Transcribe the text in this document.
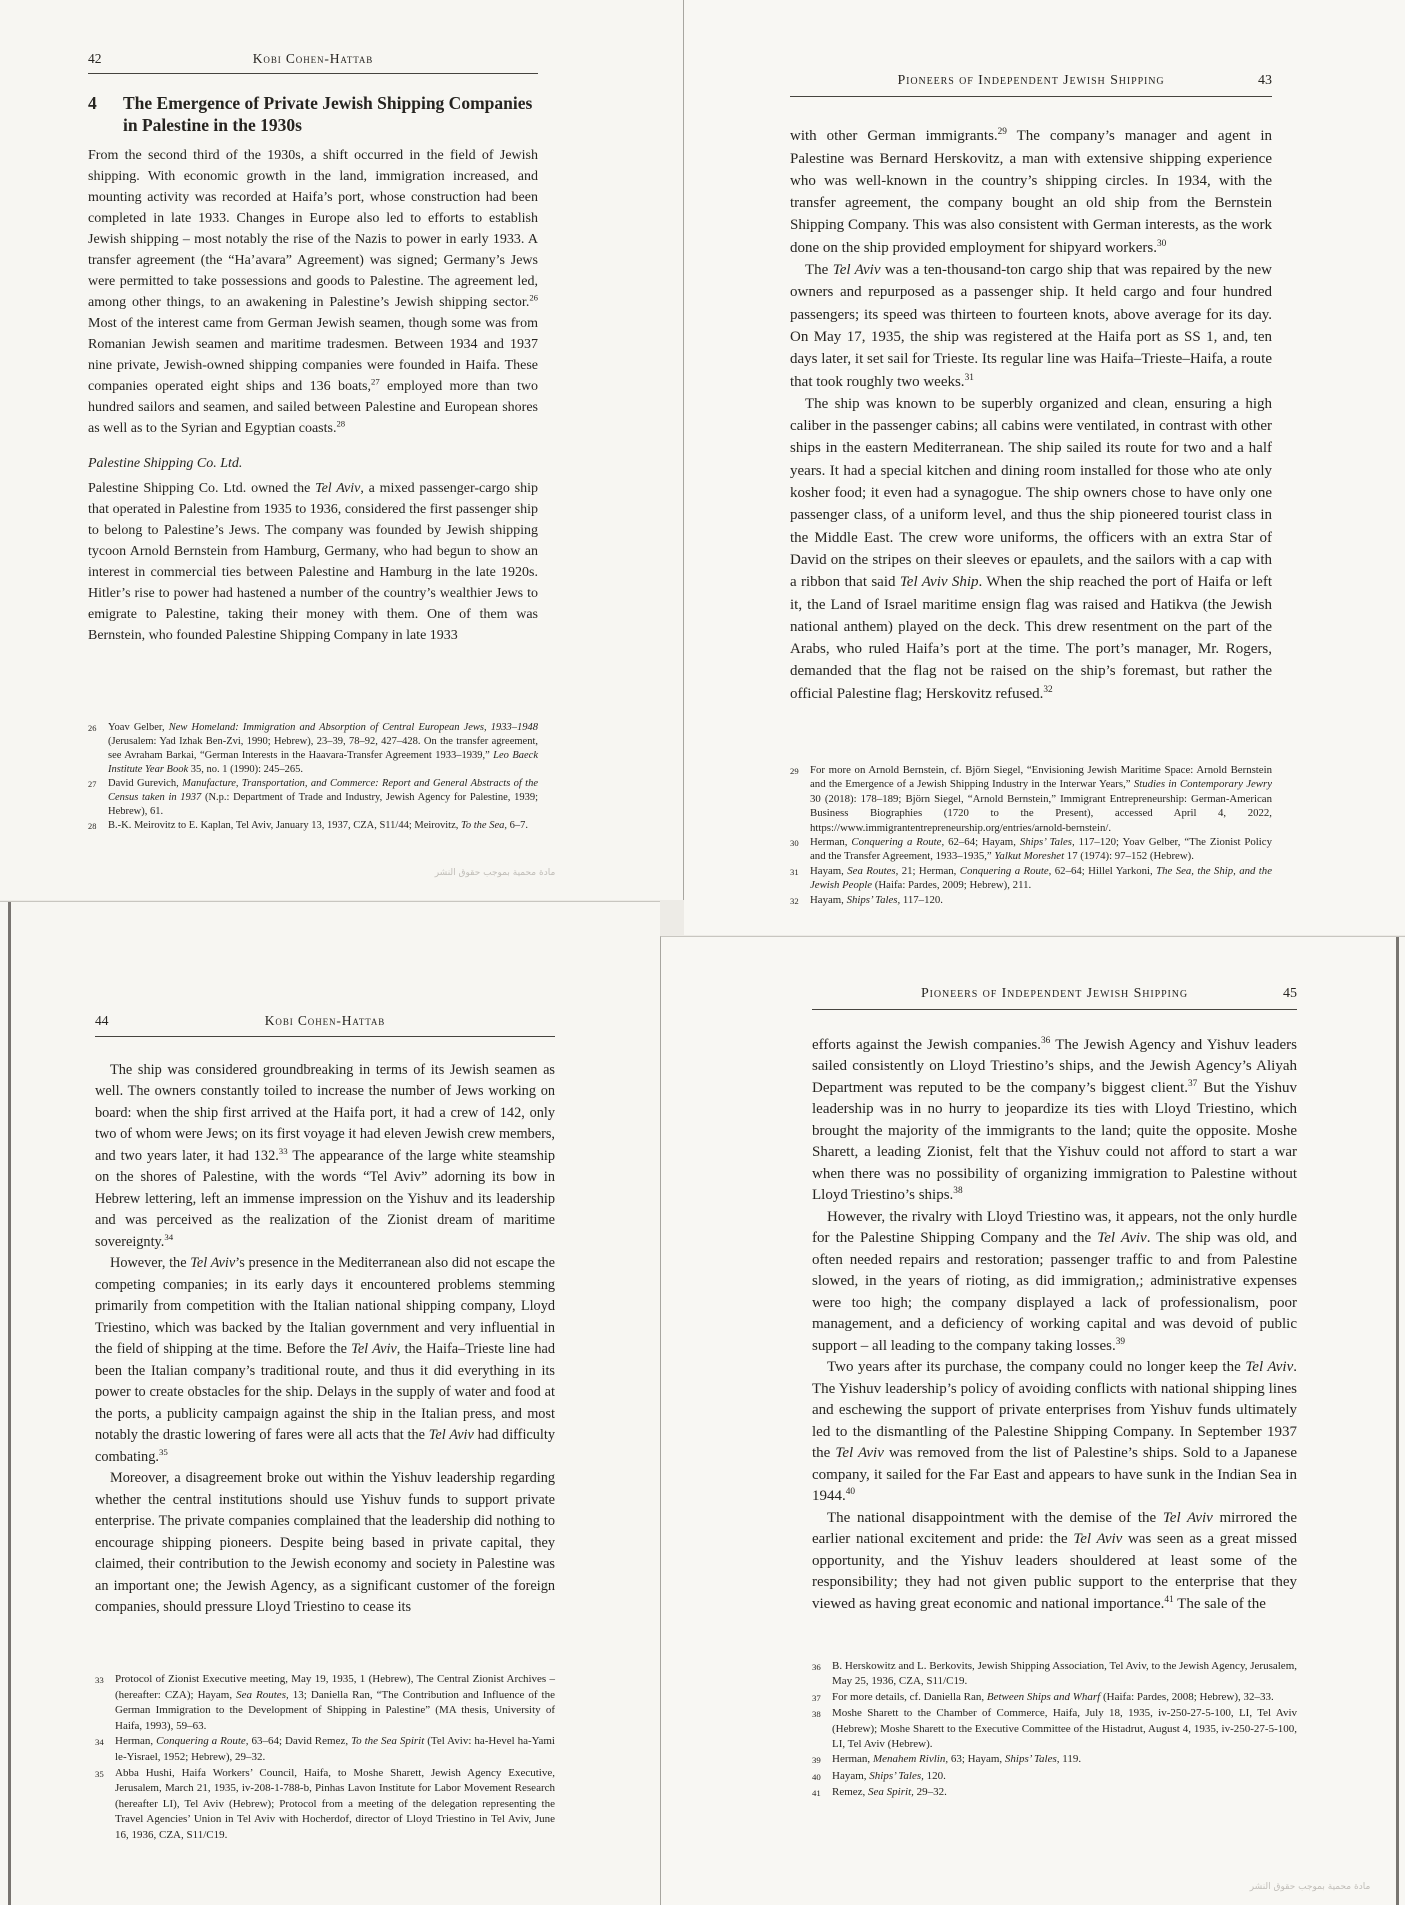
42	Kobi Cohen-Hattab
4	The Emergence of Private Jewish Shipping Companies in Palestine in the 1930s

From the second third of the 1930s, a shift occurred in the field of Jewish shipping. With economic growth in the land, immigration increased, and mounting activity was recorded at Haifa’s port, whose construction had been completed in late 1933. Changes in Europe also led to efforts to establish Jewish shipping – most notably the rise of the Nazis to power in early 1933. A transfer agreement (the “Ha’avara” Agreement) was signed; Germany’s Jews were permitted to take possessions and goods to Palestine. The agreement led, among other things, to an awakening in Palestine’s Jewish shipping sector.$^{26}$ Most of the interest came from German Jewish seamen, though some was from Romanian Jewish seamen and maritime tradesmen. Between 1934 and 1937 nine private, Jewish-owned shipping companies were founded in Haifa. These companies operated eight ships and 136 boats,$^{27}$ employed more than two hundred sailors and seamen, and sailed between Palestine and European shores as well as to the Syrian and Egyptian coasts.$^{28}$

Palestine Shipping Co. Ltd.

Palestine Shipping Co. Ltd. owned the Tel Aviv, a mixed passenger-cargo ship that operated in Palestine from 1935 to 1936, considered the first passenger ship to belong to Palestine’s Jews. The company was founded by Jewish shipping tycoon Arnold Bernstein from Hamburg, Germany, who had begun to show an interest in commercial ties between Palestine and Hamburg in the late 1920s. Hitler’s rise to power had hastened a number of the country’s wealthier Jews to emigrate to Palestine, taking their money with them. One of them was Bernstein, who founded Palestine Shipping Company in late 1933

26	Yoav Gelber, New Homeland: Immigration and Absorption of Central European Jews, 1933–1948 (Jerusalem: Yad Izhak Ben-Zvi, 1990; Hebrew), 23–39, 78–92, 427–428. On the transfer agreement, see Avraham Barkai, “German Interests in the Haavara-Transfer Agreement 1933–1939,” Leo Baeck Institute Year Book 35, no. 1 (1990): 245–265.
27	David Gurevich, Manufacture, Transportation, and Commerce: Report and General Abstracts of the Census taken in 1937 (N.p.: Department of Trade and Industry, Jewish Agency for Palestine, 1939; Hebrew), 61.
28	B.-K. Meirovitz to E. Kaplan, Tel Aviv, January 13, 1937, CZA, S11/44; Meirovitz, To the Sea, 6–7.
Pioneers of Independent Jewish Shipping	43

with other German immigrants.$^{29}$ The company’s manager and agent in Palestine was Bernard Herskovitz, a man with extensive shipping experience who was well-known in the country’s shipping circles. In 1934, with the transfer agreement, the company bought an old ship from the Bernstein Shipping Company. This was also consistent with German interests, as the work done on the ship provided employment for shipyard workers.$^{30}$

The Tel Aviv was a ten-thousand-ton cargo ship that was repaired by the new owners and repurposed as a passenger ship. It held cargo and four hundred passengers; its speed was thirteen to fourteen knots, above average for its day. On May 17, 1935, the ship was registered at the Haifa port as SS 1, and, ten days later, it set sail for Trieste. Its regular line was Haifa–Trieste–Haifa, a route that took roughly two weeks.$^{31}$

The ship was known to be superbly organized and clean, ensuring a high caliber in the passenger cabins; all cabins were ventilated, in contrast with other ships in the eastern Mediterranean. The ship sailed its route for two and a half years. It had a special kitchen and dining room installed for those who ate only kosher food; it even had a synagogue. The ship owners chose to have only one passenger class, of a uniform level, and thus the ship pioneered tourist class in the Middle East. The crew wore uniforms, the officers with an extra Star of David on the stripes on their sleeves or epaulets, and the sailors with a cap with a ribbon that said Tel Aviv Ship. When the ship reached the port of Haifa or left it, the Land of Israel maritime ensign flag was raised and Hatikva (the Jewish national anthem) played on the deck. This drew resentment on the part of the Arabs, who ruled Haifa’s port at the time. The port’s manager, Mr. Rogers, demanded that the flag not be raised on the ship’s foremast, but rather the official Palestine flag; Herskovitz refused.$^{32}$

29	For more on Arnold Bernstein, cf. Björn Siegel, “Envisioning Jewish Maritime Space: Arnold Bernstein and the Emergence of a Jewish Shipping Industry in the Interwar Years,” Studies in Contemporary Jewry 30 (2018): 178–189; Björn Siegel, “Arnold Bernstein,” Immigrant Entrepreneurship: German-American Business Biographies (1720 to the Present), accessed April 4, 2022, https://www.immigrantentrepreneurship.org/entries/arnold-bernstein/.
30	Herman, Conquering a Route, 62–64; Hayam, Ships’ Tales, 117–120; Yoav Gelber, “The Zionist Policy and the Transfer Agreement, 1933–1935,” Yalkut Moreshet 17 (1974): 97–152 (Hebrew).
31	Hayam, Sea Routes, 21; Herman, Conquering a Route, 62–64; Hillel Yarkoni, The Sea, the Ship, and the Jewish People (Haifa: Pardes, 2009; Hebrew), 211.
32	Hayam, Ships’ Tales, 117–120.
44	Kobi Cohen-Hattab

The ship was considered groundbreaking in terms of its Jewish seamen as well. The owners constantly toiled to increase the number of Jews working on board: when the ship first arrived at the Haifa port, it had a crew of 142, only two of whom were Jews; on its first voyage it had eleven Jewish crew members, and two years later, it had 132.33 The appearance of the large white steamship on the shores of Palestine, with the words “Tel Aviv” adorning its bow in Hebrew lettering, left an immense impression on the Yishuv and its leadership and was perceived as the realization of the Zionist dream of maritime sovereignty.$^{34}$

However, the Tel Aviv’s presence in the Mediterranean also did not escape the competing companies; in its early days it encountered problems stemming primarily from competition with the Italian national shipping company, Lloyd Triestino, which was backed by the Italian government and very influential in the field of shipping at the time. Before the Tel Aviv, the Haifa–Trieste line had been the Italian company’s traditional route, and thus it did everything in its power to create obstacles for the ship. Delays in the supply of water and food at the ports, a publicity campaign against the ship in the Italian press, and most notably the drastic lowering of fares were all acts that the Tel Aviv had difficulty combating.$^{35}$

Moreover, a disagreement broke out within the Yishuv leadership regarding whether the central institutions should use Yishuv funds to support private enterprise. The private companies complained that the leadership did nothing to encourage shipping pioneers. Despite being based in private capital, they claimed, their contribution to the Jewish economy and society in Palestine was an important one; the Jewish Agency, as a significant customer of the foreign companies, should pressure Lloyd Triestino to cease its

33	Protocol of Zionist Executive meeting, May 19, 1935, 1 (Hebrew), The Central Zionist Archives – (hereafter: CZA); Hayam, Sea Routes, 13; Daniella Ran, “The Contribution and Influence of the German Immigration to the Development of Shipping in Palestine” (MA thesis, University of Haifa, 1993), 59–63.
34	Herman, Conquering a Route, 63–64; David Remez, To the Sea Spirit (Tel Aviv: ha-Hevel ha-Yami le-Yisrael, 1952; Hebrew), 29–32.
35	Abba Hushi, Haifa Workers’ Council, Haifa, to Moshe Sharett, Jewish Agency Executive, Jerusalem, March 21, 1935, iv-208-1-788-b, Pinhas Lavon Institute for Labor Movement Research (hereafter LI), Tel Aviv (Hebrew); Protocol from a meeting of the delegation representing the Travel Agencies’ Union in Tel Aviv with Hocherdof, director of Lloyd Triestino in Tel Aviv, June 16, 1936, CZA, S11/C19.
Pioneers of Independent Jewish Shipping	45

efforts against the Jewish companies.$^{36}$ The Jewish Agency and Yishuv leaders sailed consistently on Lloyd Triestino’s ships, and the Jewish Agency’s Aliyah Department was reputed to be the company’s biggest client.$^{37}$ But the Yishuv leadership was in no hurry to jeopardize its ties with Lloyd Triestino, which brought the majority of the immigrants to the land; quite the opposite. Moshe Sharett, a leading Zionist, felt that the Yishuv could not afford to start a war when there was no possibility of organizing immigration to Palestine without Lloyd Triestino’s ships.$^{38}$

However, the rivalry with Lloyd Triestino was, it appears, not the only hurdle for the Palestine Shipping Company and the Tel Aviv. The ship was old, and often needed repairs and restoration; passenger traffic to and from Palestine slowed, in the years of rioting, as did immigration,; administrative expenses were too high; the company displayed a lack of professionalism, poor management, and a deficiency of working capital and was devoid of public support – all leading to the company taking losses.$^{39}$

Two years after its purchase, the company could no longer keep the Tel Aviv. The Yishuv leadership’s policy of avoiding conflicts with national shipping lines and eschewing the support of private enterprises from Yishuv funds ultimately led to the dismantling of the Palestine Shipping Company. In September 1937 the Tel Aviv was removed from the list of Palestine’s ships. Sold to a Japanese company, it sailed for the Far East and appears to have sunk in the Indian Sea in 1944.40

The national disappointment with the demise of the Tel Aviv mirrored the earlier national excitement and pride: the Tel Aviv was seen as a great missed opportunity, and the Yishuv leaders shouldered at least some of the responsibility; they had not given public support to the enterprise that they viewed as having great economic and national importance.$^{41}$ The sale of the

36	B. Herskowitz and L. Berkovits, Jewish Shipping Association, Tel Aviv, to the Jewish Agency, Jerusalem, May 25, 1936, CZA, S11/C19.
37	For more details, cf. Daniella Ran, Between Ships and Wharf (Haifa: Pardes, 2008; Hebrew), 32–33.
38	Moshe Sharett to the Chamber of Commerce, Haifa, July 18, 1935, iv-250-27-5-100, LI, Tel Aviv (Hebrew); Moshe Sharett to the Executive Committee of the Histadrut, August 4, 1935, iv-250-27-5-100, LI, Tel Aviv (Hebrew).
39	Herman, Menahem Rivlin, 63; Hayam, Ships’ Tales, 119.
40	Hayam, Ships’ Tales, 120.
41	Remez, Sea Spirit, 29–32.
مادة محمية بموجب حقوق النشر
مادة محمية بموجب حقوق النشر
